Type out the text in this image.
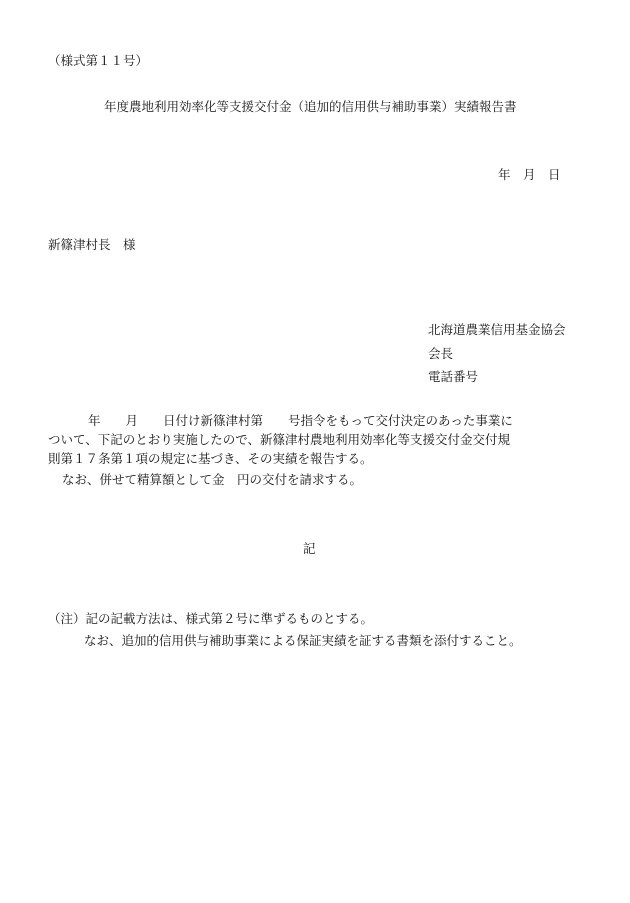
（様式第１１号）

年度農地利用効率化等支援交付金（追加的信用供与補助事業）実績報告書

年　月　日

新篠津村長　様

北海道農業信用基金協会

会長

電話番号

年　　月　　日付け新篠津村第　　号指令をもって交付決定のあった事業に

ついて、下記のとおり実施したので、新篠津村農地利用効率化等支援交付金交付規

則第１７条第１項の規定に基づき、その実績を報告する。

なお、併せて精算額として金　円の交付を請求する。

記

（注）記の記載方法は、様式第２号に準ずるものとする。

なお、追加的信用供与補助事業による保証実績を証する書類を添付すること。
